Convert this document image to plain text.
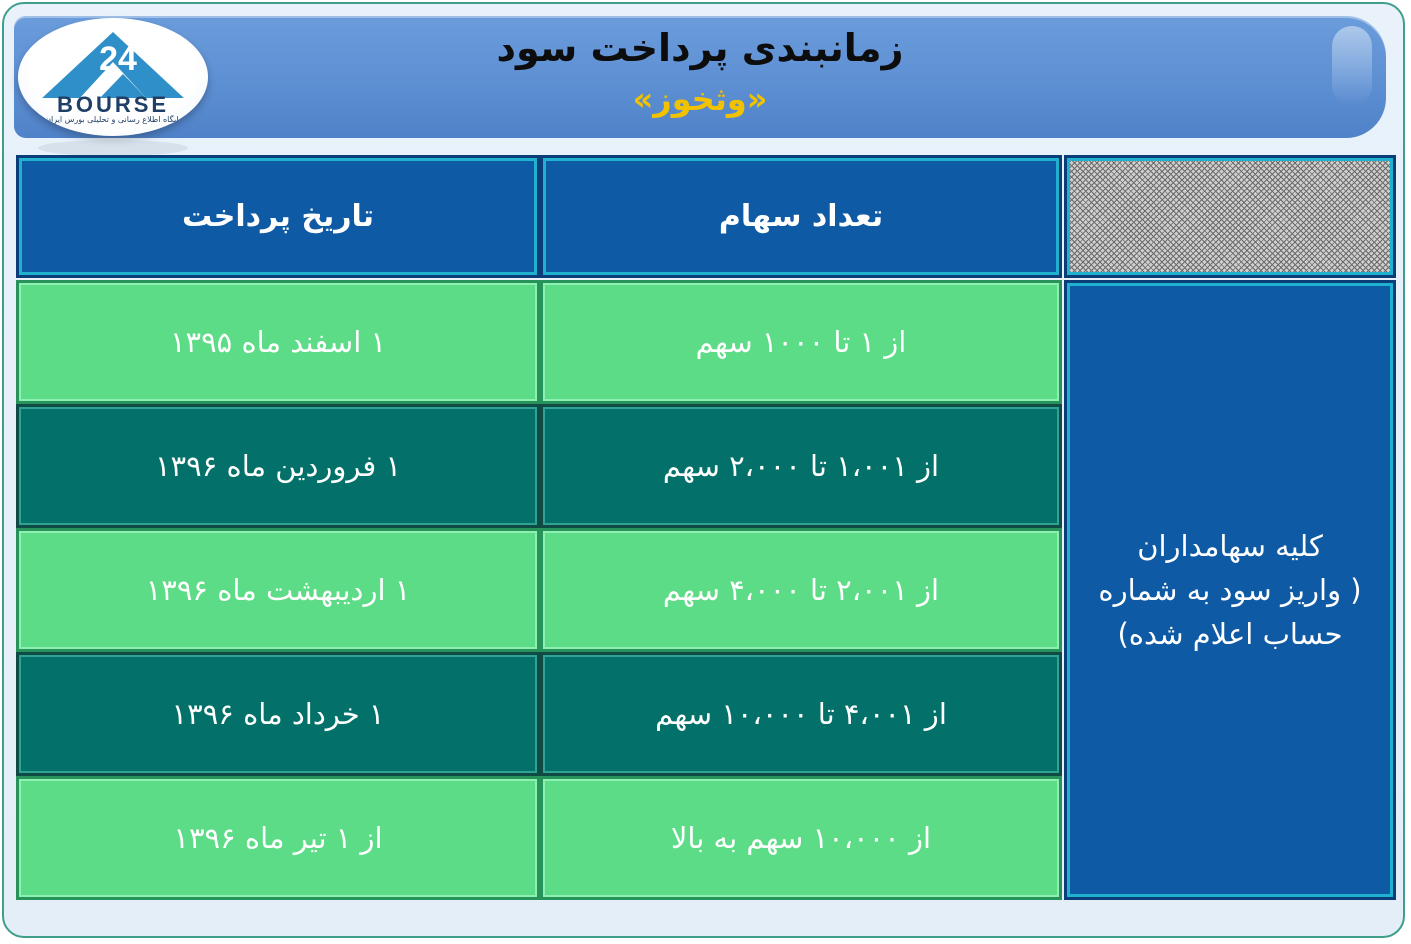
زمانبندی پرداخت سود
«وثخوز»
24
BOURSE
پایگاه اطلاع رسانی و تحلیلی بورس ایران
تاریخ پرداخت	تعداد سهام
کلیه سهامداران
( واریز سود به شماره
حساب اعلام شده)
۱ اسفند ماه ۱۳۹۵	از ۱ تا ۱۰۰۰ سهم
۱ فروردین ماه ۱۳۹۶	از ۱،۰۰۱ تا ۲،۰۰۰ سهم
۱ اردیبهشت ماه ۱۳۹۶	از ۲،۰۰۱ تا ۴،۰۰۰ سهم
۱ خرداد ماه ۱۳۹۶	از ۴،۰۰۱ تا ۱۰،۰۰۰ سهم
از ۱ تیر ماه ۱۳۹۶	از ۱۰،۰۰۰ سهم به بالا
